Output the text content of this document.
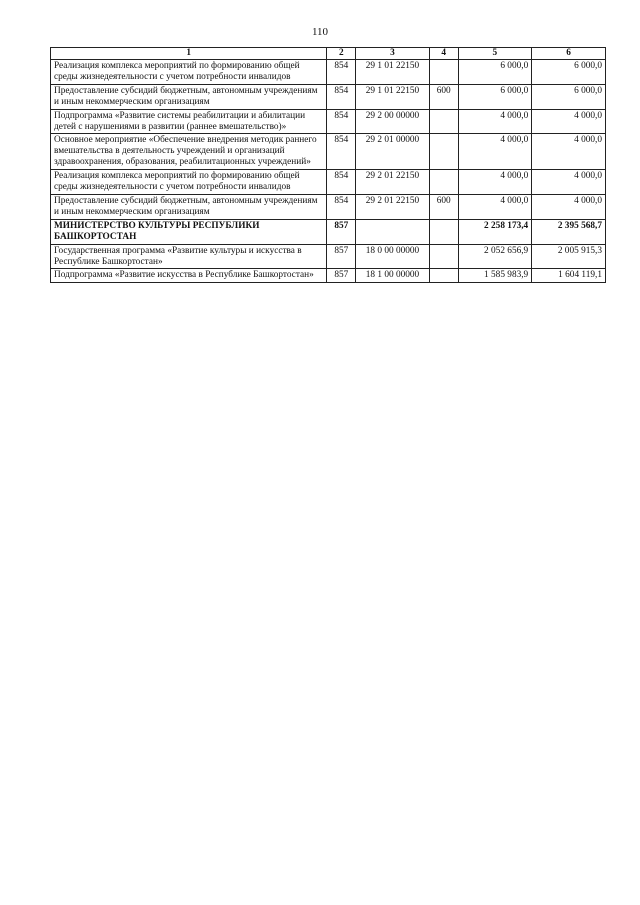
110
1	2	3	4	5	6
Реализация комплекса мероприятий по формированию общей среды жизнедеятельности с учетом потребности инвалидов	854	29 1 01 22150		6 000,0	6 000,0
Предоставление субсидий бюджетным, автономным учреждениям и иным некоммерческим организациям	854	29 1 01 22150	600	6 000,0	6 000,0
Подпрограмма «Развитие системы реабилитации и абилитации детей с нарушениями в развитии (раннее вмешательство)»	854	29 2 00 00000		4 000,0	4 000,0
Основное мероприятие «Обеспечение внедрения методик раннего вмешательства в деятельность учреждений и организаций здравоохранения, образования, реабилитационных учреждений»	854	29 2 01 00000		4 000,0	4 000,0
Реализация комплекса мероприятий по формированию общей среды жизнедеятельности с учетом потребности инвалидов	854	29 2 01 22150		4 000,0	4 000,0
Предоставление субсидий бюджетным, автономным учреждениям и иным некоммерческим организациям	854	29 2 01 22150	600	4 000,0	4 000,0
МИНИСТЕРСТВО КУЛЬТУРЫ РЕСПУБЛИКИ БАШКОРТОСТАН	857			2 258 173,4	2 395 568,7
Государственная программа «Развитие культуры и искусства в Республике Башкортостан»	857	18 0 00 00000		2 052 656,9	2 005 915,3
Подпрограмма «Развитие искусства в Республике Башкортостан»	857	18 1 00 00000		1 585 983,9	1 604 119,1
